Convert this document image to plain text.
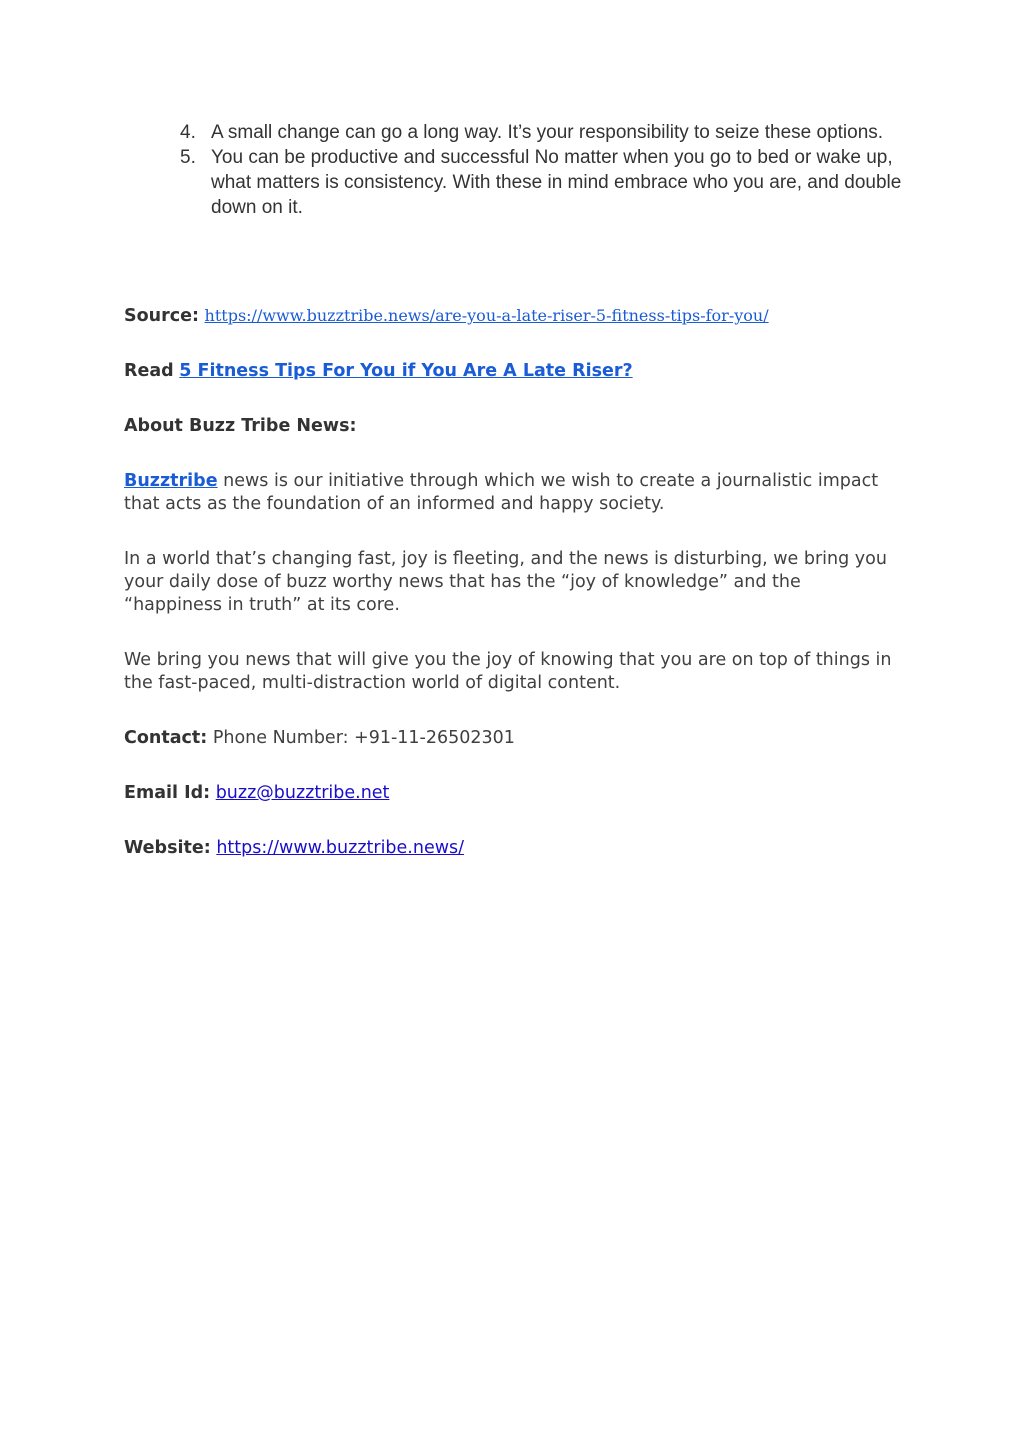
4. A small change can go a long way. It’s your responsibility to seize these options.
5. You can be productive and successful No matter when you go to bed or wake up, what matters is consistency. With these in mind embrace who you are, and double down on it.

Source: https://www.buzztribe.news/are-you-a-late-riser-5-fitness-tips-for-you/

Read 5 Fitness Tips For You if You Are A Late Riser?

About Buzz Tribe News:

Buzztribe news is our initiative through which we wish to create a journalistic impact that acts as the foundation of an informed and happy society.

In a world that’s changing fast, joy is fleeting, and the news is disturbing, we bring you your daily dose of buzz worthy news that has the “joy of knowledge” and the “happiness in truth” at its core.

We bring you news that will give you the joy of knowing that you are on top of things in the fast-paced, multi-distraction world of digital content.

Contact: Phone Number: +91-11-26502301

Email Id: buzz@buzztribe.net

Website: https://www.buzztribe.news/
